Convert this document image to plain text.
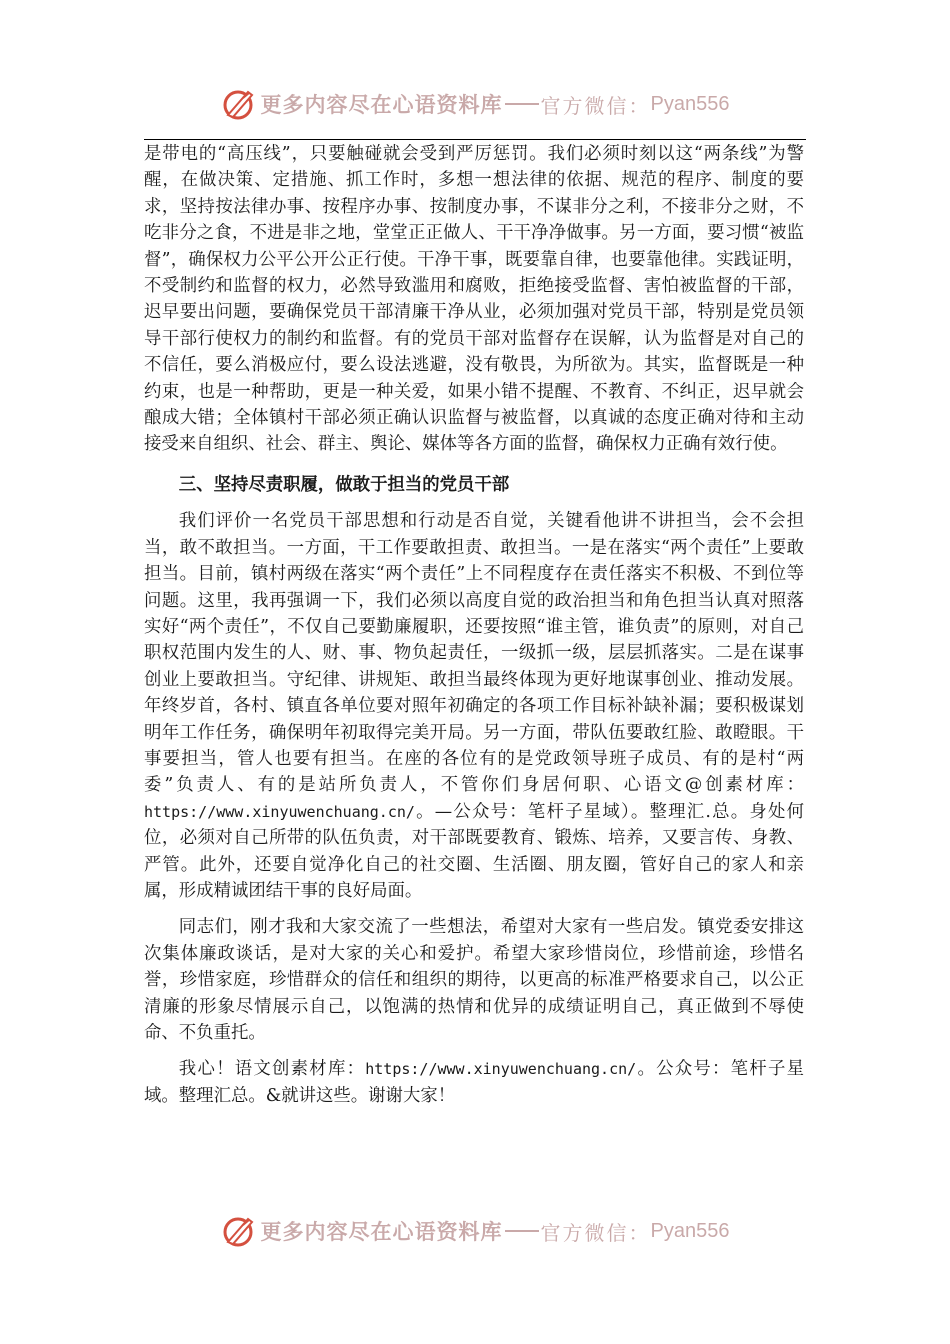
更多内容尽在心语资料库 官方微信： Pyan556

是带电的“高压线”，只要触碰就会受到严厉惩罚。我们必须时刻以这“两条线”为警醒，在做决策、定措施、抓工作时，多想一想法律的依据、规范的程序、制度的要求，坚持按法律办事、按程序办事、按制度办事，不谋非分之利，不接非分之财，不吃非分之食，不进是非之地，堂堂正正做人、干干净净做事。另一方面，要习惯“被监督”，确保权力公平公开公正行使。干净干事，既要靠自律，也要靠他律。实践证明，不受制约和监督的权力，必然导致滥用和腐败，拒绝接受监督、害怕被监督的干部，迟早要出问题，要确保党员干部清廉干净从业，必须加强对党员干部，特别是党员领导干部行使权力的制约和监督。有的党员干部对监督存在误解，认为监督是对自己的不信任，要么消极应付，要么设法逃避，没有敬畏，为所欲为。其实，监督既是一种约束，也是一种帮助，更是一种关爱，如果小错不提醒、不教育、不纠正，迟早就会酿成大错；全体镇村干部必须正确认识监督与被监督，以真诚的态度正确对待和主动接受来自组织、社会、群主、舆论、媒体等各方面的监督，确保权力正确有效行使。

三、坚持尽责职履，做敢于担当的党员干部

我们评价一名党员干部思想和行动是否自觉，关键看他讲不讲担当，会不会担当，敢不敢担当。一方面，干工作要敢担责、敢担当。一是在落实“两个责任”上要敢担当。目前，镇村两级在落实“两个责任”上不同程度存在责任落实不积极、不到位等问题。这里，我再强调一下，我们必须以高度自觉的政治担当和角色担当认真对照落实好“两个责任”，不仅自己要勤廉履职，还要按照“谁主管，谁负责”的原则，对自己职权范围内发生的人、财、事、物负起责任，一级抓一级，层层抓落实。二是在谋事创业上要敢担当。守纪律、讲规矩、敢担当最终体现为更好地谋事创业、推动发展。年终岁首，各村、镇直各单位要对照年初确定的各项工作目标补缺补漏；要积极谋划明年工作任务，确保明年初取得完美开局。另一方面，带队伍要敢红脸、敢瞪眼。干事要担当，管人也要有担当。在座的各位有的是党政领导班子成员、有的是村“两委”负责人、有的是站所负责人，不管你们身居何职、心语文@创素材库：https://www.xinyuwenchuang.cn/。—公众号：笔杆子星域）。整理汇.总。身处何位，必须对自己所带的队伍负责，对干部既要教育、锻炼、培养，又要言传、身教、严管。此外，还要自觉净化自己的社交圈、生活圈、朋友圈，管好自己的家人和亲属，形成精诚团结干事的良好局面。

同志们，刚才我和大家交流了一些想法，希望对大家有一些启发。镇党委安排这次集体廉政谈话，是对大家的关心和爱护。希望大家珍惜岗位，珍惜前途，珍惜名誉，珍惜家庭，珍惜群众的信任和组织的期待，以更高的标准严格要求自己，以公正清廉的形象尽情展示自己，以饱满的热情和优异的成绩证明自己，真正做到不辱使命、不负重托。

我心！语文创素材库：https://www.xinyuwenchuang.cn/。公众号：笔杆子星域。整理汇总。&就讲这些。谢谢大家！

更多内容尽在心语资料库 官方微信： Pyan556
